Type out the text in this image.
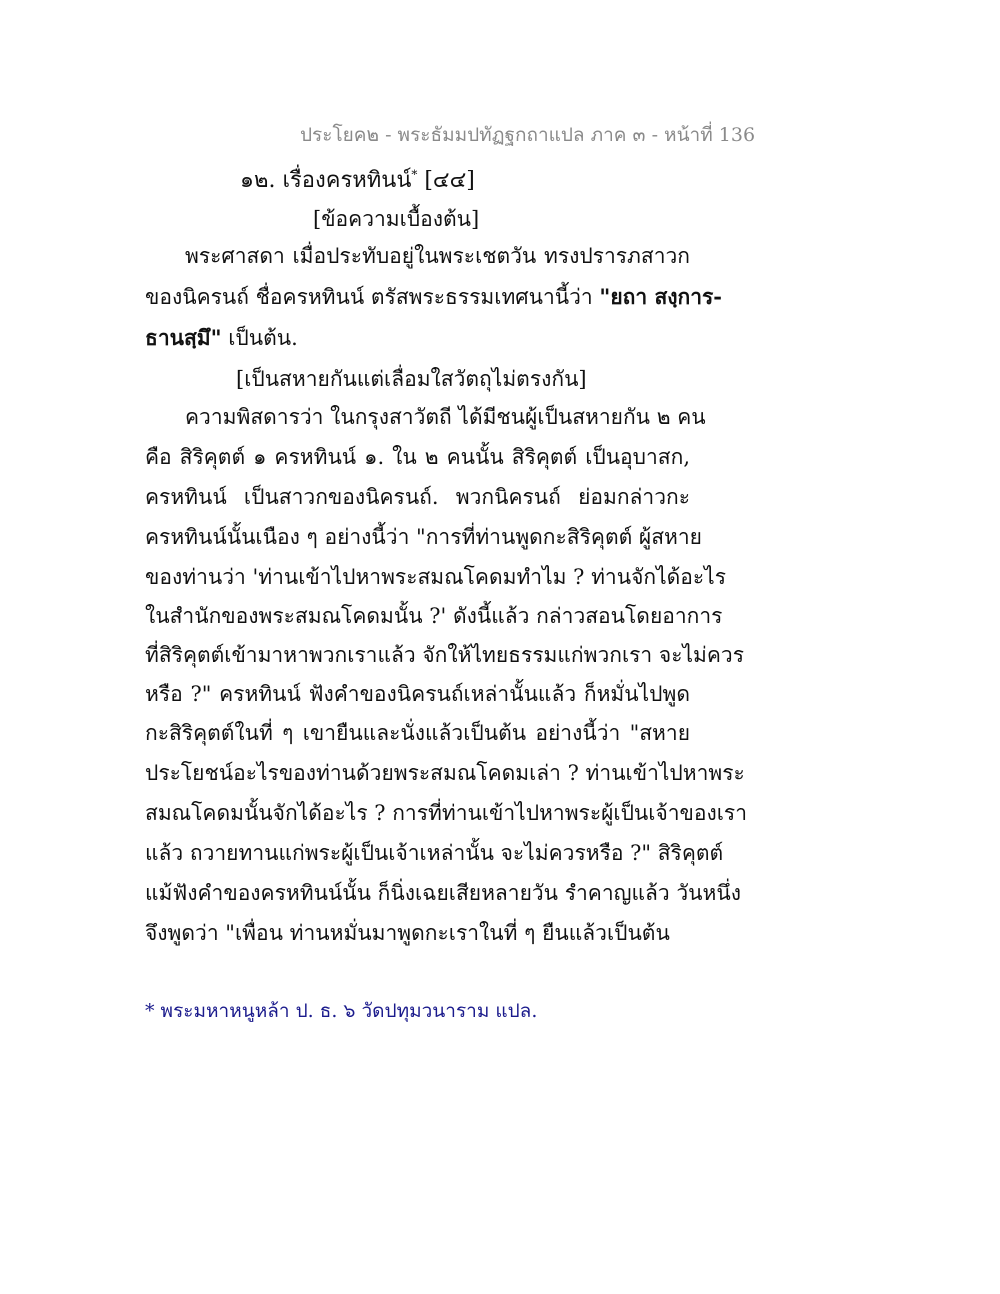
ประโยค๒ - พระธัมมปทัฏฐกถาแปล ภาค ๓ - หน้าที่ 136
๑๒. เรื่องครหทินน์* [๔๔]
[ข้อความเบื้องต้น]
พระศาสดา เมื่อประทับอยู่ในพระเชตวัน ทรงปรารภสาวก
ของนิครนถ์ ชื่อครหทินน์ ตรัสพระธรรมเทศนานี้ว่า "ยถา สงฺการ-
ธานสฺมึ" เป็นต้น.
[เป็นสหายกันแต่เลื่อมใสวัตถุไม่ตรงกัน]
ความพิสดารว่า ในกรุงสาวัตถี ได้มีชนผู้เป็นสหายกัน ๒ คน
คือ สิริคุตต์ ๑ ครหทินน์ ๑. ใน ๒ คนนั้น สิริคุตต์ เป็นอุบาสก,
ครหทินน์ เป็นสาวกของนิครนถ์. พวกนิครนถ์ ย่อมกล่าวกะ
ครหทินน์นั้นเนือง ๆ อย่างนี้ว่า "การที่ท่านพูดกะสิริคุตต์ ผู้สหาย
ของท่านว่า 'ท่านเข้าไปหาพระสมณโคดมทำไม ? ท่านจักได้อะไร
ในสำนักของพระสมณโคดมนั้น ?' ดังนี้แล้ว กล่าวสอนโดยอาการ
ที่สิริคุตต์เข้ามาหาพวกเราแล้ว จักให้ไทยธรรมแก่พวกเรา จะไม่ควร
หรือ ?" ครหทินน์ ฟังคำของนิครนถ์เหล่านั้นแล้ว ก็หมั่นไปพูด
กะสิริคุตต์ในที่ ๆ เขายืนและนั่งแล้วเป็นต้น อย่างนี้ว่า "สหาย
ประโยชน์อะไรของท่านด้วยพระสมณโคดมเล่า ? ท่านเข้าไปหาพระ
สมณโคดมนั้นจักได้อะไร ? การที่ท่านเข้าไปหาพระผู้เป็นเจ้าของเรา
แล้ว ถวายทานแก่พระผู้เป็นเจ้าเหล่านั้น จะไม่ควรหรือ ?" สิริคุตต์
แม้ฟังคำของครหทินน์นั้น ก็นิ่งเฉยเสียหลายวัน รำคาญแล้ว วันหนึ่ง
จึงพูดว่า "เพื่อน ท่านหมั่นมาพูดกะเราในที่ ๆ ยืนแล้วเป็นต้น
* พระมหาหนูหล้า ป. ธ. ๖ วัดปทุมวนาราม แปล.
